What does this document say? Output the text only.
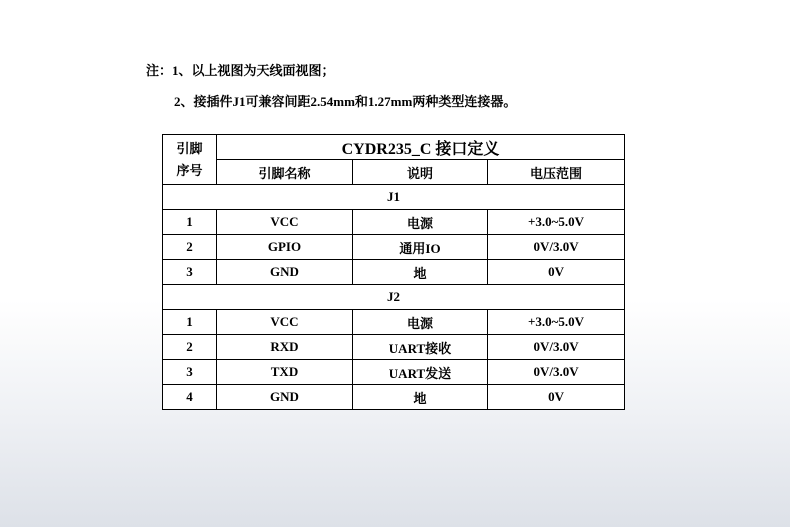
注：1、以上视图为天线面视图；
2、接插件J1可兼容间距2.54mm和1.27mm两种类型连接器。
引脚
序号	CYDR235_C 接口定义		
	引脚名称	说明	电压范围
J1			
1	VCC	电源	+3.0~5.0V
2	GPIO	通用IO	0V/3.0V
3	GND	地	0V
J2			
1	VCC	电源	+3.0~5.0V
2	RXD	UART接收	0V/3.0V
3	TXD	UART发送	0V/3.0V
4	GND	地	0V
